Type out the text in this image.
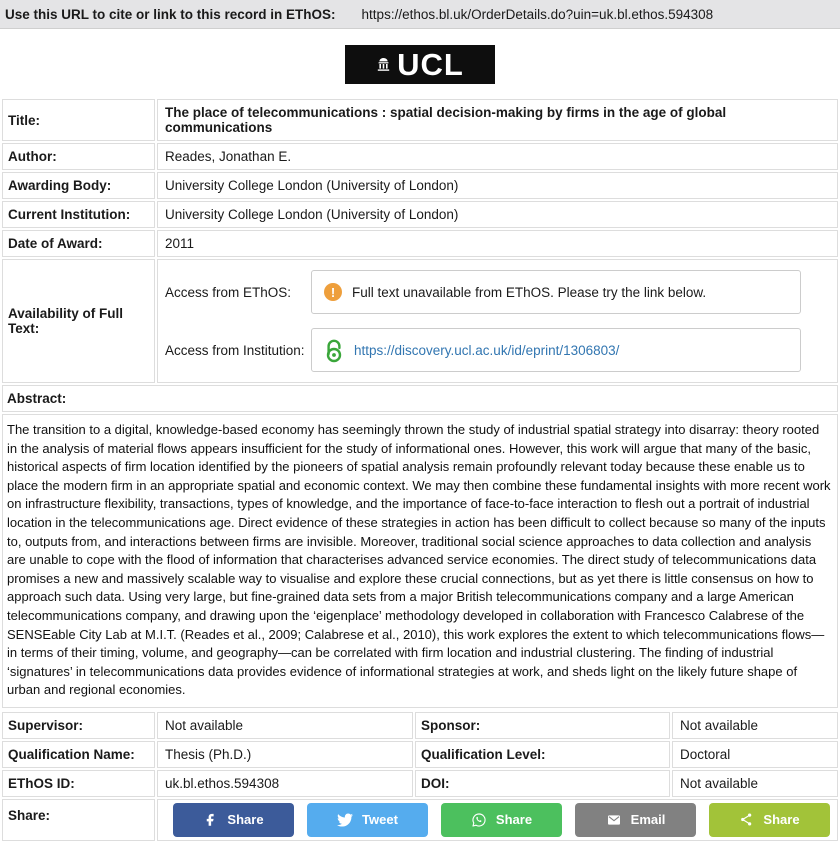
Use this URL to cite or link to this record in EThOS: https://ethos.bl.uk/OrderDetails.do?uin=uk.bl.ethos.594308
UCL
Title:	The place of telecommunications : spatial decision-making by firms in the age of global communications
Author:	Reades, Jonathan E.
Awarding Body:	University College London (University of London)
Current Institution:	University College London (University of London)
Date of Award:	2011
Availability of Full Text:	Access from EThOS: ! Full text unavailable from EThOS. Please try the link below.
Access from Institution: https://discovery.ucl.ac.uk/id/eprint/1306803/

Abstract:	
The transition to a digital, knowledge-based economy has seemingly thrown the study of industrial spatial strategy into disarray: theory rooted in the analysis of material flows appears insufficient for the study of informational ones. However, this work will argue that many of the basic, historical aspects of firm location identified by the pioneers of spatial analysis remain profoundly relevant today because these enable us to place the modern firm in an appropriate spatial and economic context. We may then combine these fundamental insights with more recent work on infrastructure flexibility, transactions, types of knowledge, and the importance of face-to-face interaction to flesh out a portrait of industrial location in the telecommunications age. Direct evidence of these strategies in action has been difficult to collect because so many of the inputs to, outputs from, and interactions between firms are invisible. Moreover, traditional social science approaches to data collection and analysis are unable to cope with the flood of information that characterises advanced service economies. The direct study of telecommunications data promises a new and massively scalable way to visualise and explore these crucial connections, but as yet there is little consensus on how to approach such data. Using very large, but fine-grained data sets from a major British telecommunications company and a large American telecommunications company, and drawing upon the ‘eigenplace’ methodology developed in collaboration with Francesco Calabrese of the SENSEable City Lab at M.I.T. (Reades et al., 2009; Calabrese et al., 2010), this work explores the extent to which telecommunications flows—in terms of their timing, volume, and geography—can be correlated with firm location and industrial clustering. The finding of industrial ‘signatures’ in telecommunications data provides evidence of informational strategies at work, and sheds light on the likely future shape of urban and regional economies.	
Supervisor:	Not available	Sponsor:	Not available
Qualification Name:	Thesis (Ph.D.)	Qualification Level:	Doctoral
EThOS ID:	uk.bl.ethos.594308	DOI:	Not available
Share:	Share Tweet Share Email Share		
